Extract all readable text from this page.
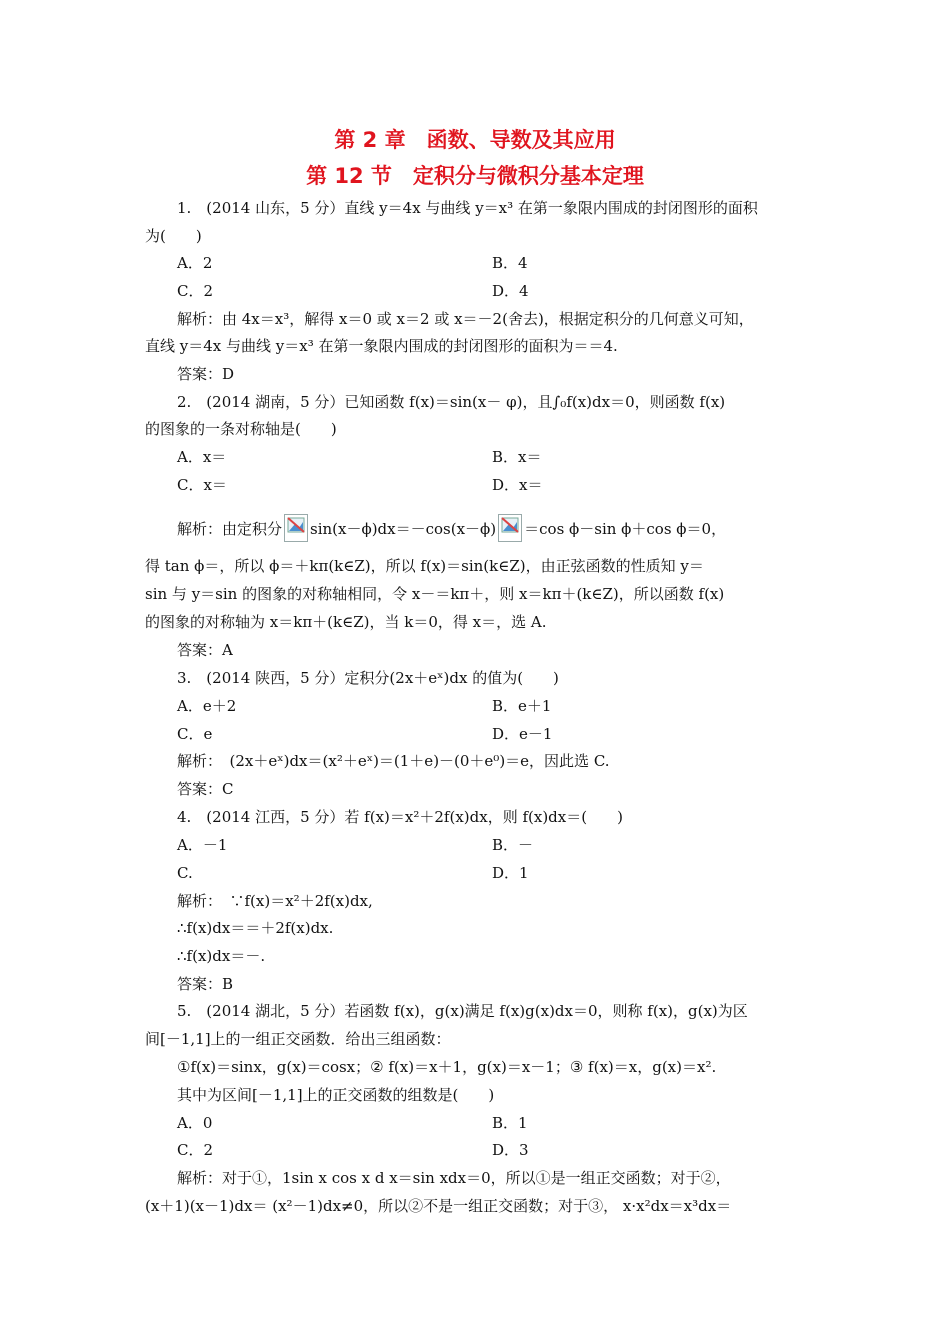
第 2 章　函数、导数及其应用
第 12 节　定积分与微积分基本定理
1.　(2014 山东，5 分）直线 y＝4x 与曲线 y＝x³ 在第一象限内围成的封闭图形的面积
为(　　)
A．2	B．4
C．2	D．4
解析：由 4x＝x³，解得 x＝0 或 x＝2 或 x＝－2(舍去)，根据定积分的几何意义可知，
直线 y＝4x 与曲线 y＝x³ 在第一象限内围成的封闭图形的面积为＝＝4.
答案：D
2.　(2014 湖南，5 分）已知函数 f(x)＝sin(x－ φ)，且∫₀f(x)dx＝0，则函数 f(x)
的图象的一条对称轴是(　　)
A．x＝	B．x＝
C．x＝	D．x＝
解析：由定积分 sin(x－ϕ)dx＝－cos(x－ϕ) ＝cos ϕ－sin ϕ＋cos ϕ＝0，
得 tan ϕ＝，所以 ϕ＝＋kπ(k∈Z)，所以 f(x)＝sin(k∈Z)，由正弦函数的性质知 y＝
sin 与 y＝sin 的图象的对称轴相同，令 x－＝kπ＋，则 x＝kπ＋(k∈Z)，所以函数 f(x)
的图象的对称轴为 x＝kπ＋(k∈Z)，当 k＝0，得 x＝，选 A.
答案：A
3.　(2014 陕西，5 分）定积分(2x＋eˣ)dx 的值为(　　)
A．e＋2	B．e＋1
C．e	D．e－1
解析：　(2x＋eˣ)dx＝(x²＋eˣ)＝(1＋e)－(0＋e⁰)＝e，因此选 C.
答案：C
4.　(2014 江西，5 分）若 f(x)＝x²＋2f(x)dx，则 f(x)dx＝(　　)
A．－1	B．－
C.	D．1
解析：　∵f(x)＝x²＋2f(x)dx,
∴f(x)dx＝＝＋2f(x)dx.
∴f(x)dx＝－.
答案：B
5.　(2014 湖北，5 分）若函数 f(x)，g(x)满足 f(x)g(x)dx＝0，则称 f(x)，g(x)为区
间[－1,1]上的一组正交函数．给出三组函数：
①f(x)＝sinx，g(x)＝cosx；② f(x)＝x＋1，g(x)＝x－1；③ f(x)＝x，g(x)＝x².
其中为区间[－1,1]上的正交函数的组数是(　　)
A．0	B．1
C．2	D．3
解析：对于①，1sin x cos x d x＝sin xdx＝0，所以①是一组正交函数；对于②，
(x＋1)(x－1)dx＝ (x²－1)dx≠0，所以②不是一组正交函数；对于③， x·x²dx＝x³dx＝
